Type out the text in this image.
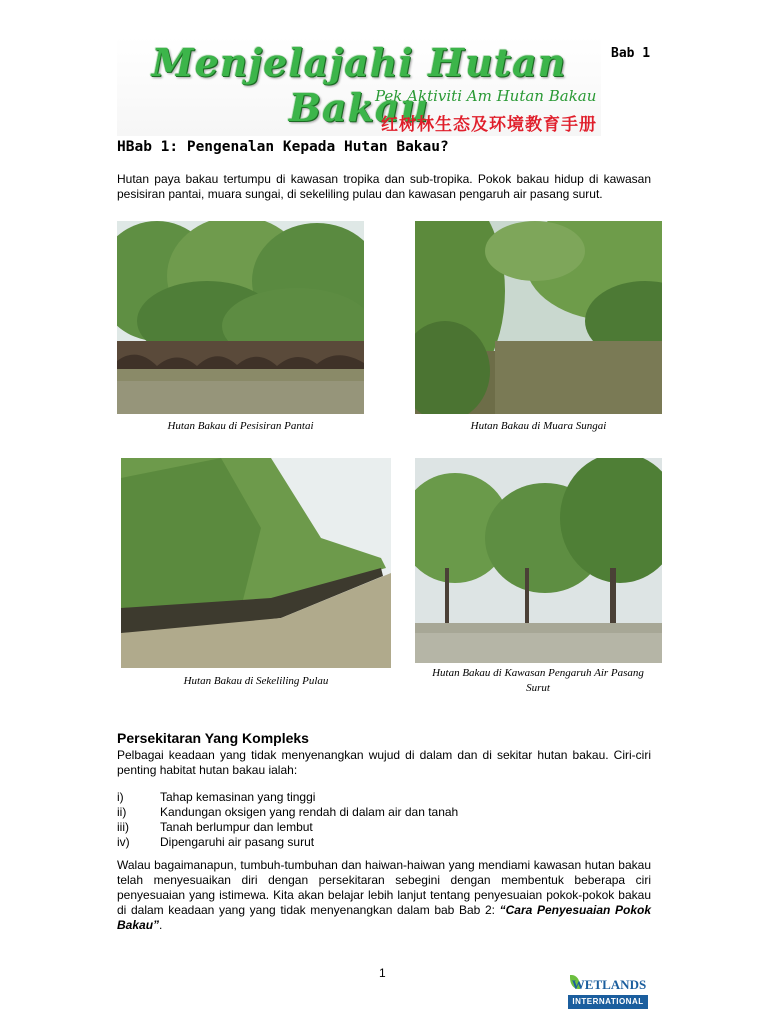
Menjelajahi Hutan Bakau
Pek Aktiviti Am Hutan Bakau
红树林生态及环境教育手册
Bab 1
HBab 1: Pengenalan Kepada Hutan Bakau?
Hutan paya bakau tertumpu di kawasan tropika dan sub-tropika. Pokok bakau hidup di kawasan pesisiran pantai, muara sungai, di sekeliling pulau dan kawasan pengaruh air pasang surut.
Hutan Bakau di Pesisiran Pantai	Hutan Bakau di Muara Sungai
Hutan Bakau di Sekeliling Pulau
Hutan Bakau di Kawasan Pengaruh Air Pasang Surut
Persekitaran Yang Kompleks
Pelbagai keadaan yang tidak menyenangkan wujud di dalam dan di sekitar hutan bakau. Ciri-ciri penting habitat hutan bakau ialah:
i)	Tahap kemasinan yang tinggi
ii)	Kandungan oksigen yang rendah di dalam air dan tanah
iii)	Tanah berlumpur dan lembut
iv)	Dipengaruhi air pasang surut
Walau bagaimanapun, tumbuh-tumbuhan dan haiwan-haiwan yang mendiami kawasan hutan bakau telah menyesuaikan diri dengan persekitaran sebegini dengan membentuk beberapa ciri penyesuaian yang istimewa. Kita akan belajar lebih lanjut tentang penyesuaian pokok-pokok bakau di dalam keadaan yang yang tidak menyenangkan dalam bab Bab 2: “Cara Penyesuaian Pokok Bakau”.
1
WETLANDS
INTERNATIONAL
